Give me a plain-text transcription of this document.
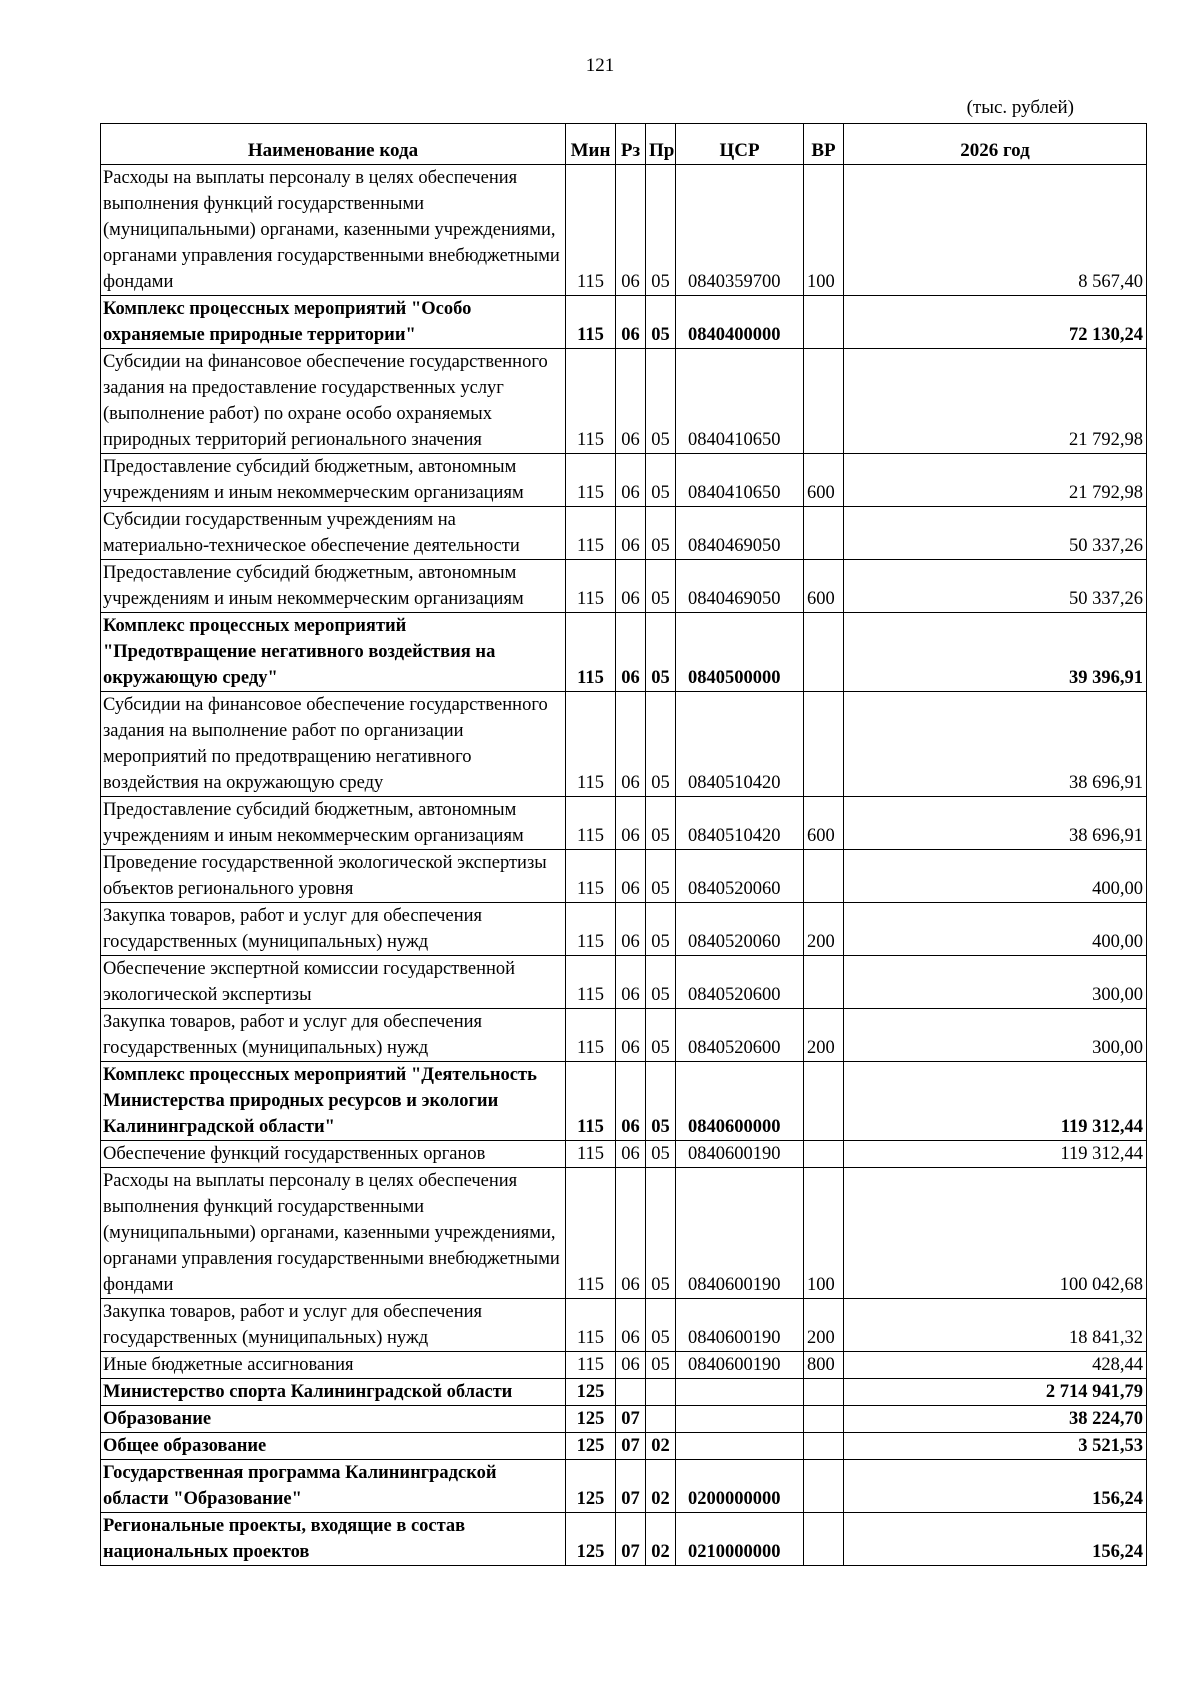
121
(тыс. рублей)
Наименование кода	Мин	Рз	Пр	ЦСР	ВР	2026 год
Расходы на выплаты персоналу в целях обеспечения выполнения функций государственными (муниципальными) органами, казенными учреждениями, органами управления государственными внебюджетными фондами	115	06	05	0840359700	100	8 567,40
Комплекс процессных мероприятий "Особо охраняемые природные территории"	115	06	05	0840400000		72 130,24
Субсидии на финансовое обеспечение государственного задания на предоставление государственных услуг (выполнение работ) по охране особо охраняемых природных территорий регионального значения	115	06	05	0840410650		21 792,98
Предоставление субсидий бюджетным, автономным учреждениям и иным некоммерческим организациям	115	06	05	0840410650	600	21 792,98
Субсидии государственным учреждениям на материально-техническое обеспечение деятельности	115	06	05	0840469050		50 337,26
Предоставление субсидий бюджетным, автономным учреждениям и иным некоммерческим организациям	115	06	05	0840469050	600	50 337,26
Комплекс процессных мероприятий "Предотвращение негативного воздействия на окружающую среду"	115	06	05	0840500000		39 396,91
Субсидии на финансовое обеспечение государственного задания на выполнение работ по организации мероприятий по предотвращению негативного воздействия на окружающую среду	115	06	05	0840510420		38 696,91
Предоставление субсидий бюджетным, автономным учреждениям и иным некоммерческим организациям	115	06	05	0840510420	600	38 696,91
Проведение государственной экологической экспертизы объектов регионального уровня	115	06	05	0840520060		400,00
Закупка товаров, работ и услуг для обеспечения государственных (муниципальных) нужд	115	06	05	0840520060	200	400,00
Обеспечение экспертной комиссии государственной экологической экспертизы	115	06	05	0840520600		300,00
Закупка товаров, работ и услуг для обеспечения государственных (муниципальных) нужд	115	06	05	0840520600	200	300,00
Комплекс процессных мероприятий "Деятельность Министерства природных ресурсов и экологии Калининградской области"	115	06	05	0840600000		119 312,44
Обеспечение функций государственных органов	115	06	05	0840600190		119 312,44
Расходы на выплаты персоналу в целях обеспечения выполнения функций государственными (муниципальными) органами, казенными учреждениями, органами управления государственными внебюджетными фондами	115	06	05	0840600190	100	100 042,68
Закупка товаров, работ и услуг для обеспечения государственных (муниципальных) нужд	115	06	05	0840600190	200	18 841,32
Иные бюджетные ассигнования	115	06	05	0840600190	800	428,44
Министерство спорта Калининградской области	125					2 714 941,79
Образование	125	07				38 224,70
Общее образование	125	07	02			3 521,53
Государственная программа Калининградской области "Образование"	125	07	02	0200000000		156,24
Региональные проекты, входящие в состав национальных проектов	125	07	02	0210000000		156,24
